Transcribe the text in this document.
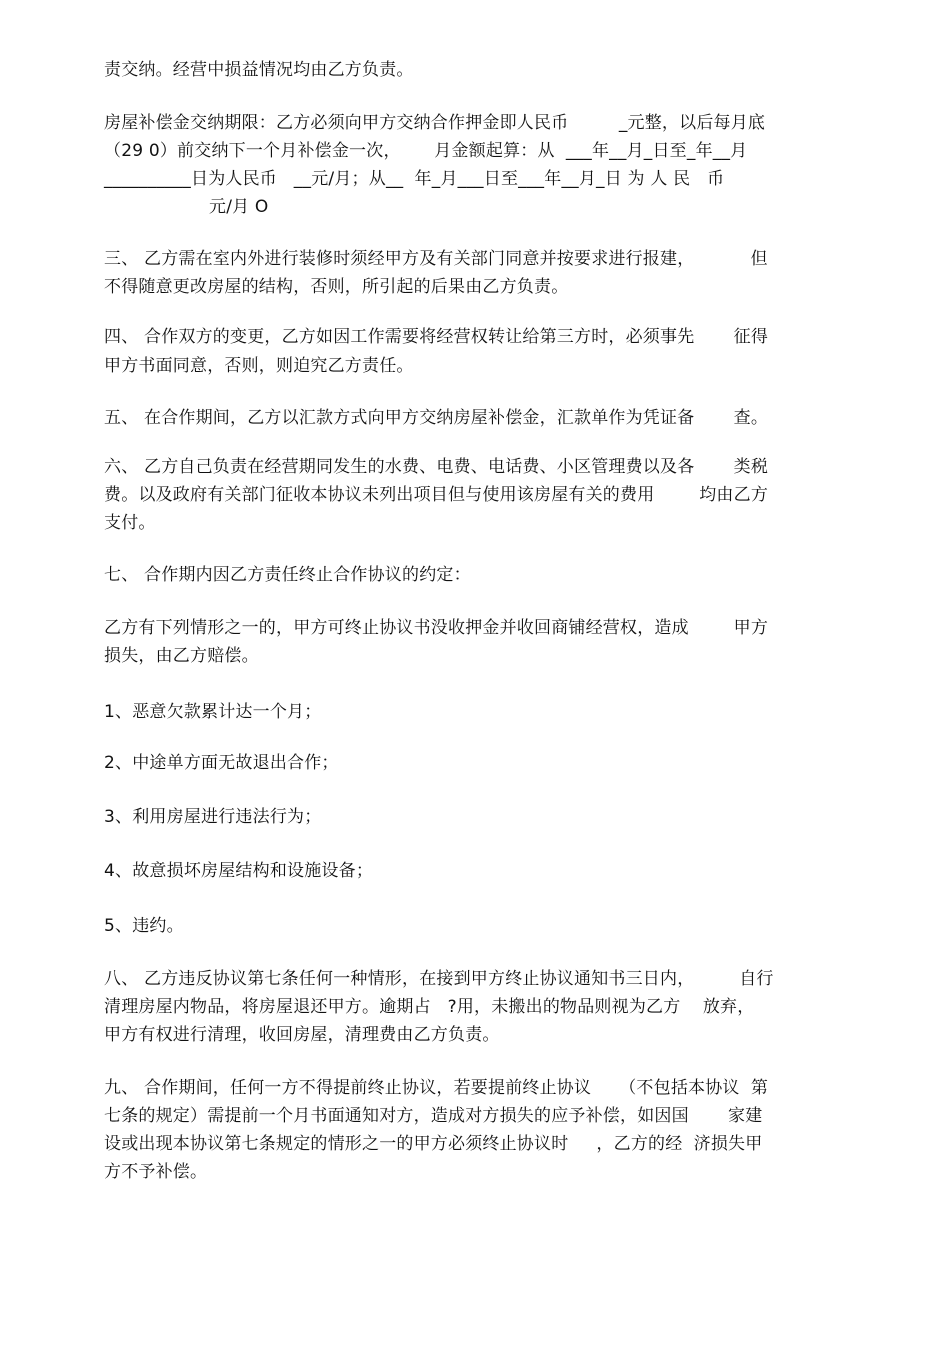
责交纳。经营中损益情况均由乙方负责。
房屋补偿金交纳期限：乙方必须向甲方交纳合作押金即人民币         _元整，以后每月底
（29 0）前交纳下一个月补偿金一次，      月金额起算：从  ___年__月_日至_年__月
__________日为人民币   __元/月；从__  年_月___日至___年__月_日 为 人 民   币
元/月 O
三、 乙方需在室内外进行装修时须经甲方及有关部门同意并按要求进行报建，          但
不得随意更改房屋的结构，否则，所引起的后果由乙方负责。
四、 合作双方的变更，乙方如因工作需要将经营权转让给第三方时，必须事先       征得
甲方书面同意，否则，则迫究乙方责任。
五、 在合作期间，乙方以汇款方式向甲方交纳房屋补偿金，汇款单作为凭证备       查。
六、 乙方自己负责在经营期同发生的水费、电费、电话费、小区管理费以及各       类税
费。以及政府有关部门征收本协议未列出项目但与使用该房屋有关的费用        均由乙方
支付。
七、 合作期内因乙方责任终止合作协议的约定：
乙方有下列情形之一的，甲方可终止协议书没收押金并收回商铺经营权，造成        甲方
损失，由乙方赔偿。
1、恶意欠款累计达一个月；
2、中途单方面无故退出合作；
3、利用房屋进行违法行为；
4、故意损坏房屋结构和设施设备；
5、违约。
八、 乙方违反协议第七条任何一种情形，在接到甲方终止协议通知书三日内，        自行
清理房屋内物品，将房屋退还甲方。逾期占   ?用，未搬出的物品则视为乙方    放弃，
甲方有权进行清理，收回房屋，清理费由乙方负责。
九、 合作期间，任何一方不得提前终止协议，若要提前终止协议     （不包括本协议  第
七条的规定）需提前一个月书面通知对方，造成对方损失的应予补偿，如因国       家建
设或出现本协议第七条规定的情形之一的甲方必须终止协议时     ，乙方的经  济损失甲
方不予补偿。
